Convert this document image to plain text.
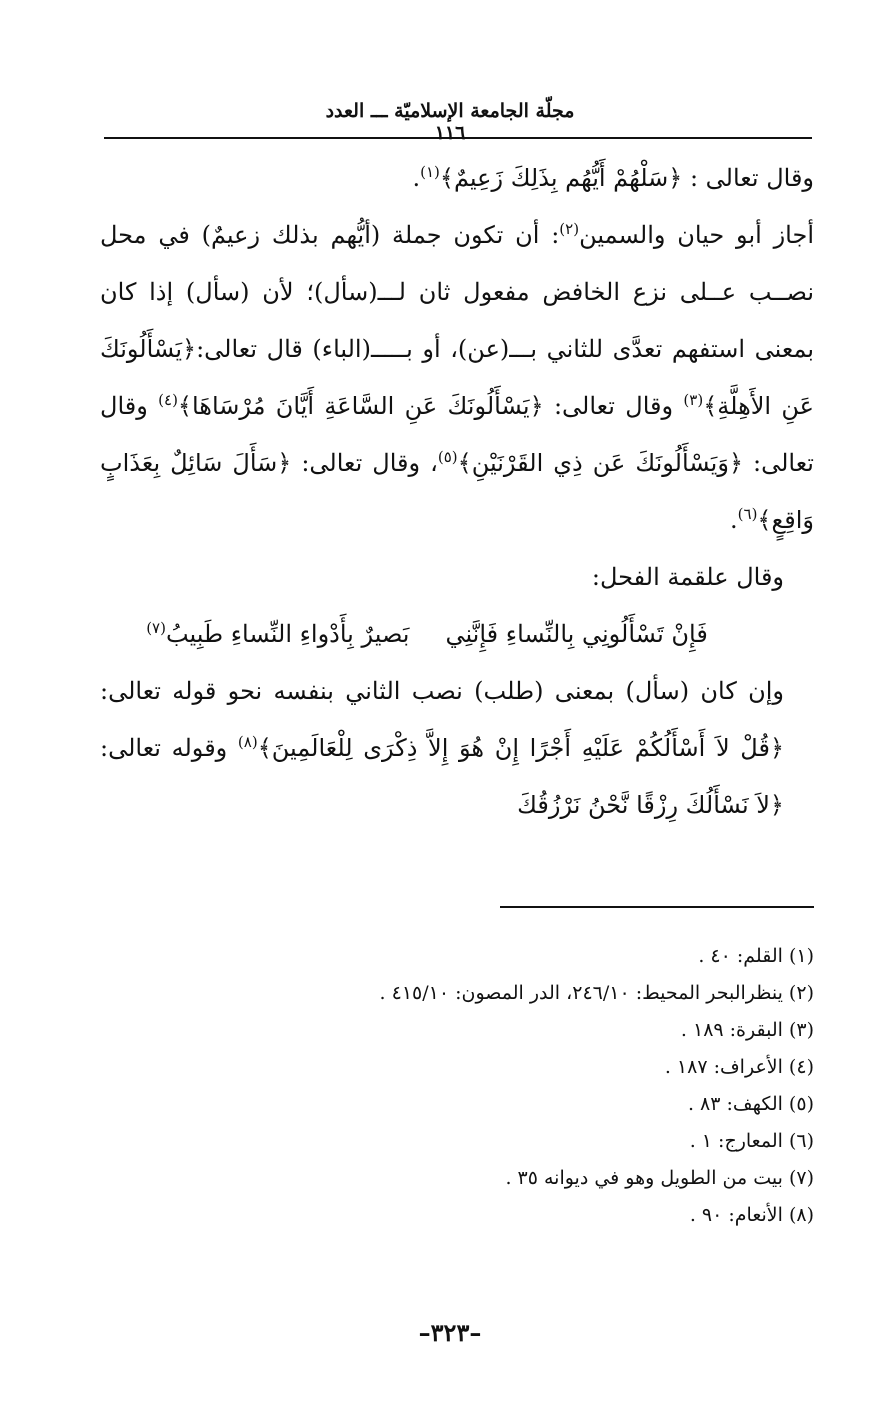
مجلّة الجامعة الإسلاميّة ـــ العدد ١١٦

وقال تعالى : ﴿سَلْهُمْ أَيُّهُم بِذَلِكَ زَعِيمٌ﴾$^{(١)}$.

أجاز أبو حيان والسمين$^{(٢)}$: أن تكون جملة (أيُّهم بذلك زعيمٌ) في محل نصــب عــلى نزع الخافض مفعول ثان لـــ(سأل)؛ لأن (سأل) إذا كان بمعنى استفهم تعدَّى للثاني بـــ(عن)، أو بـــــ(الباء) قال تعالى:﴿يَسْأَلُونَكَ عَنِ الأَهِلَّةِ﴾$^{(٣)}$ وقال تعالى: ﴿يَسْأَلُونَكَ عَنِ السَّاعَةِ أَيَّانَ مُرْسَاهَا﴾$^{(٤)}$ وقال تعالى: ﴿وَيَسْأَلُونَكَ عَن ذِي القَرْنَيْنِ﴾$^{(٥)}$، وقال تعالى: ﴿سَأَلَ سَائِلٌ بِعَذَابٍ وَاقِعٍ﴾$^{(٦)}$.

وقال علقمة الفحل:

فَإِنْ تَسْأَلُونِي بِالنِّساءِ فَإِنَّنِيبَصيرٌ بِأَدْواءِ النِّساءِ طَبِيبُ$^{(٧)}$

وإن كان (سأل) بمعنى (طلب) نصب الثاني بنفسه نحو قوله تعالى:﴿قُلْ لاَ أَسْأَلُكُمْ عَلَيْهِ أَجْرًا إِنْ هُوَ إِلاَّ ذِكْرَى لِلْعَالَمِينَ﴾$^{(٨)}$ وقوله تعالى: ﴿لاَ نَسْأَلُكَ رِزْقًا نَّحْنُ نَرْزُقُكَ

(١) القلم: ٤٠ .
(٢) ينظرالبحر المحيط: ٢٤٦/١٠، الدر المصون: ٤١٥/١٠ .
(٣) البقرة: ١٨٩ .
(٤) الأعراف: ١٨٧ .
(٥) الكهف: ٨٣ .
(٦) المعارج: ١ .
(٧) بيت من الطويل وهو في ديوانه ٣٥ .
(٨) الأنعام: ٩٠ .
–٣٢٣–
